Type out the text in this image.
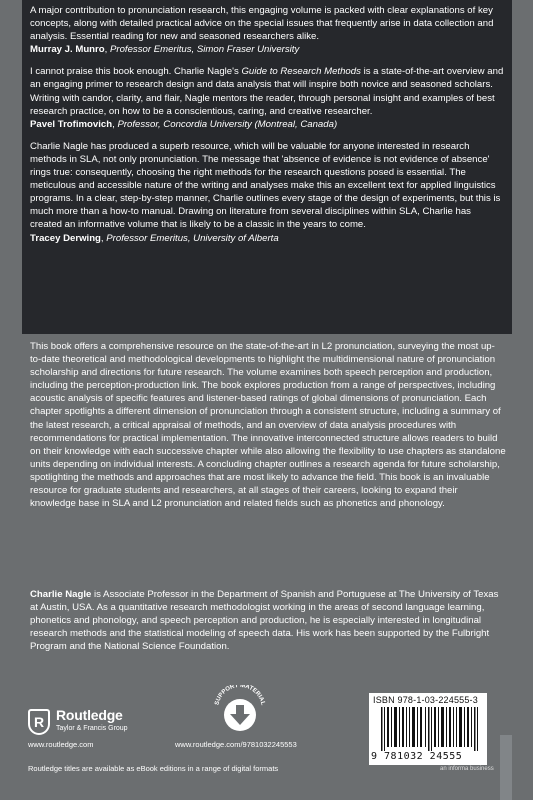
A major contribution to pronunciation research, this engaging volume is packed with clear explanations of key concepts, along with detailed practical advice on the special issues that frequently arise in data collection and analysis. Essential reading for new and seasoned researchers alike.
Murray J. Munro, Professor Emeritus, Simon Fraser University

I cannot praise this book enough. Charlie Nagle's Guide to Research Methods is a state-of-the-art overview and an engaging primer to research design and data analysis that will inspire both novice and seasoned scholars. Writing with candor, clarity, and flair, Nagle mentors the reader, through personal insight and examples of best research practice, on how to be a conscientious, caring, and creative researcher.
Pavel Trofimovich, Professor, Concordia University (Montreal, Canada)

Charlie Nagle has produced a superb resource, which will be valuable for anyone interested in research methods in SLA, not only pronunciation. The message that 'absence of evidence is not evidence of absence' rings true: consequently, choosing the right methods for the research questions posed is essential. The meticulous and accessible nature of the writing and analyses make this an excellent text for applied linguistics programs. In a clear, step-by-step manner, Charlie outlines every stage of the design of experiments, but this is much more than a how-to manual. Drawing on literature from several disciplines within SLA, Charlie has created an informative volume that is likely to be a classic in the years to come.
Tracey Derwing, Professor Emeritus, University of Alberta

This book offers a comprehensive resource on the state-of-the-art in L2 pronunciation, surveying the most up-to-date theoretical and methodological developments to highlight the multidimensional nature of pronunciation scholarship and directions for future research. The volume examines both speech perception and production, including the perception-production link. The book explores production from a range of perspectives, including acoustic analysis of specific features and listener-based ratings of global dimensions of pronunciation. Each chapter spotlights a different dimension of pronunciation through a consistent structure, including a summary of the latest research, a critical appraisal of methods, and an overview of data analysis procedures with recommendations for practical implementation. The innovative interconnected structure allows readers to build on their knowledge with each successive chapter while also allowing the flexibility to use chapters as standalone units depending on individual interests. A concluding chapter outlines a research agenda for future scholarship, spotlighting the methods and approaches that are most likely to advance the field. This book is an invaluable resource for graduate students and researchers, at all stages of their careers, looking to expand their knowledge base in SLA and L2 pronunciation and related fields such as phonetics and phonology.

Charlie Nagle is Associate Professor in the Department of Spanish and Portuguese at The University of Texas at Austin, USA. As a quantitative research methodologist working in the areas of second language learning, phonetics and phonology, and speech perception and production, he is especially interested in longitudinal research methods and the statistical modeling of speech data. His work has been supported by the Fulbright Program and the National Science Foundation.

R Routledge
Taylor & Francis Group
www.routledge.com
Routledge titles are available as eBook editions in a range of digital formats
SUPPORT MATERIAL
www.routledge.com/9781032245553
ISBN 978-1-03-224555-3
9 781032 24555
an informa business
